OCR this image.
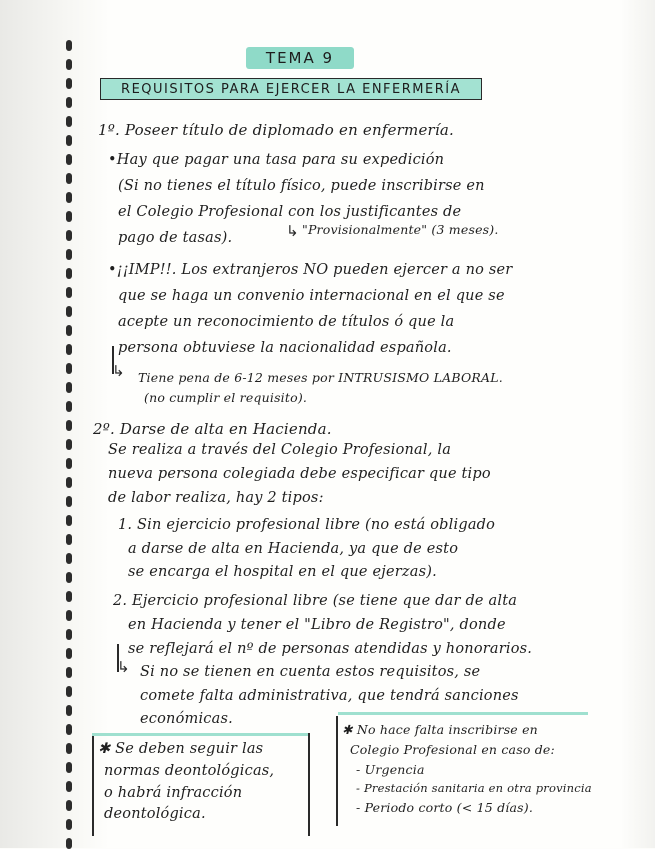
TEMA 9
REQUISITOS PARA EJERCER LA ENFERMERÍA
1º. Poseer título de diplomado en enfermería.
•Hay que pagar una tasa para su expedición
(Si no tienes el título físico, puede inscribirse en
el Colegio Profesional con los justificantes de
pago de tasas).	↳ "Provisionalmente" (3 meses).
•¡¡IMP!!. Los extranjeros NO pueden ejercer a no ser
que se haga un convenio internacional en el que se
acepte un reconocimiento de títulos ó que la
persona obtuviese la nacionalidad española.
↳ Tiene pena de 6-12 meses por INTRUSISMO LABORAL.
(no cumplir el requisito).
2º. Darse de alta en Hacienda.
Se realiza a través del Colegio Profesional, la
nueva persona colegiada debe especificar que tipo
de labor realiza, hay 2 tipos:
1. Sin ejercicio profesional libre (no está obligado
a darse de alta en Hacienda, ya que de esto
se encarga el hospital en el que ejerzas).
2. Ejercicio profesional libre (se tiene que dar de alta
en Hacienda y tener el "Libro de Registro", donde
se reflejará el nº de personas atendidas y honorarios.
↳ Si no se tienen en cuenta estos requisitos, se
comete falta administrativa, que tendrá sanciones
económicas.
✱ Se deben seguir las
normas deontológicas,
o habrá infracción
deontológica.
✱ No hace falta inscribirse en
Colegio Profesional en caso de:
- Urgencia
- Prestación sanitaria en otra provincia
- Periodo corto (< 15 días).
